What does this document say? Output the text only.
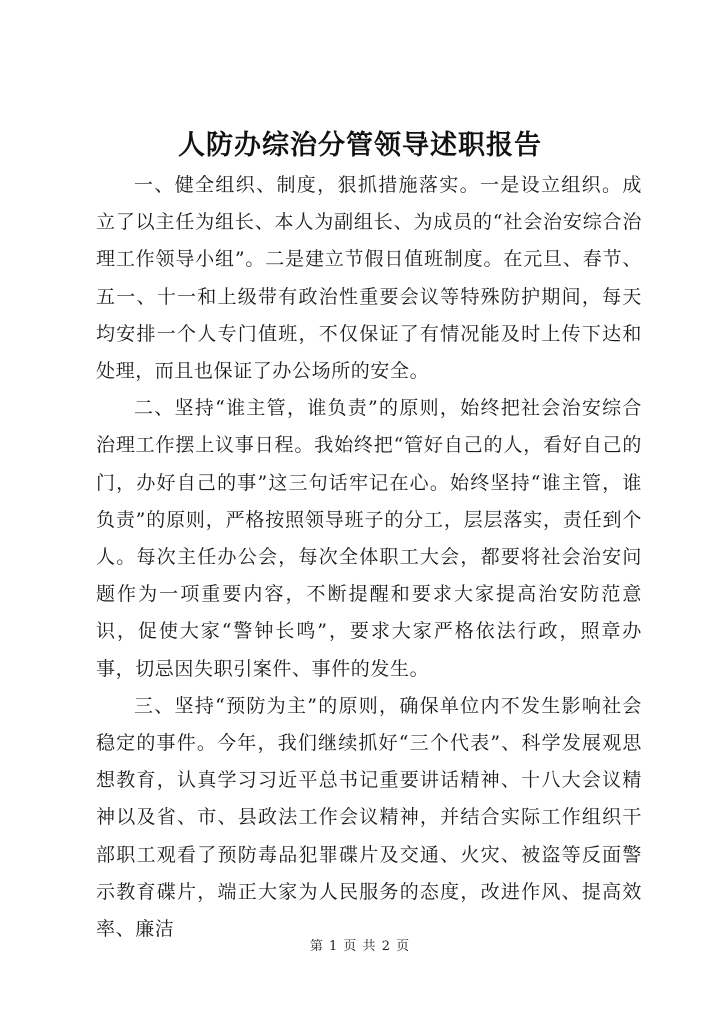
人防办综治分管领导述职报告

一、健全组织、制度，狠抓措施落实。一是设立组织。成立了以主任为组长、本人为副组长、为成员的“社会治安综合治理工作领导小组”。二是建立节假日值班制度。在元旦、春节、五一、十一和上级带有政治性重要会议等特殊防护期间，每天均安排一个人专门值班，不仅保证了有情况能及时上传下达和处理，而且也保证了办公场所的安全。

二、坚持“谁主管，谁负责”的原则，始终把社会治安综合治理工作摆上议事日程。我始终把“管好自己的人，看好自己的门，办好自己的事”这三句话牢记在心。始终坚持“谁主管，谁负责”的原则，严格按照领导班子的分工，层层落实，责任到个人。每次主任办公会，每次全体职工大会，都要将社会治安问题作为一项重要内容，不断提醒和要求大家提高治安防范意识，促使大家“警钟长鸣”，要求大家严格依法行政，照章办事，切忌因失职引案件、事件的发生。

三、坚持“预防为主”的原则，确保单位内不发生影响社会稳定的事件。今年，我们继续抓好“三个代表”、科学发展观思想教育，认真学习习近平总书记重要讲话精神、十八大会议精神以及省、市、县政法工作会议精神，并结合实际工作组织干部职工观看了预防毒品犯罪碟片及交通、火灾、被盗等反面警示教育碟片，端正大家为人民服务的态度，改进作风、提高效率、廉洁

第 1 页 共 2 页
